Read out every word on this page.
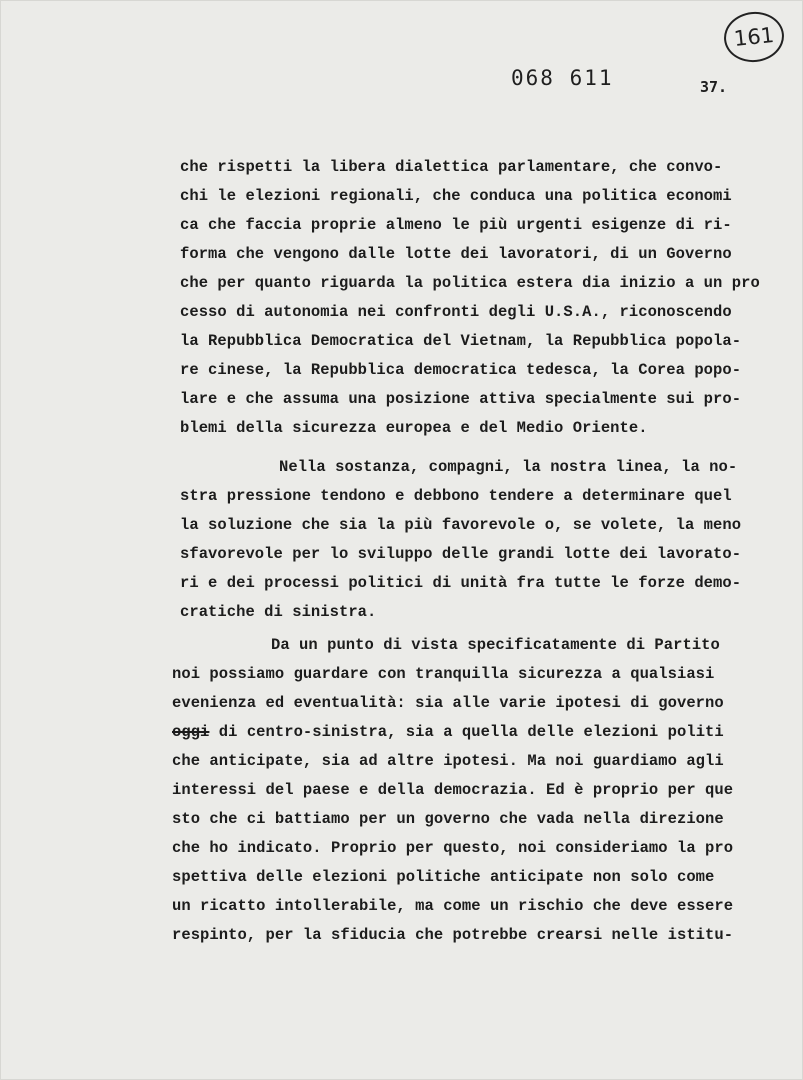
161
068 611	37.
che rispetti la libera dialettica parlamentare, che convo-
chi le elezioni regionali, che conduca una politica economi
ca che faccia proprie almeno le più urgenti esigenze di ri-
forma che vengono dalle lotte dei lavoratori, di un Governo
che per quanto riguarda la politica estera dia inizio a un pro
cesso di autonomia nei confronti degli U.S.A., riconoscendo
la Repubblica Democratica del Vietnam, la Repubblica popola-
re cinese, la Repubblica democratica tedesca, la Corea popo-
lare e che assuma una posizione attiva specialmente sui pro-
blemi della sicurezza europea e del Medio Oriente.
Nella sostanza, compagni, la nostra linea, la no-
stra pressione tendono e debbono tendere a determinare quel
la soluzione che sia la più favorevole o, se volete, la meno
sfavorevole per lo sviluppo delle grandi lotte dei lavorato-
ri e dei processi politici di unità fra tutte le forze demo-
cratiche di sinistra.
Da un punto di vista specificatamente di Partito
noi possiamo guardare con tranquilla sicurezza a qualsiasi
evenienza ed eventualità: sia alle varie ipotesi di governo
oggi di centro-sinistra, sia a quella delle elezioni politi
che anticipate, sia ad altre ipotesi. Ma noi guardiamo agli
interessi del paese e della democrazia. Ed è proprio per que
sto che ci battiamo per un governo che vada nella direzione
che ho indicato. Proprio per questo, noi consideriamo la pro
spettiva delle elezioni politiche anticipate non solo come
un ricatto intollerabile, ma come un rischio che deve essere
respinto, per la sfiducia che potrebbe crearsi nelle istitu-
